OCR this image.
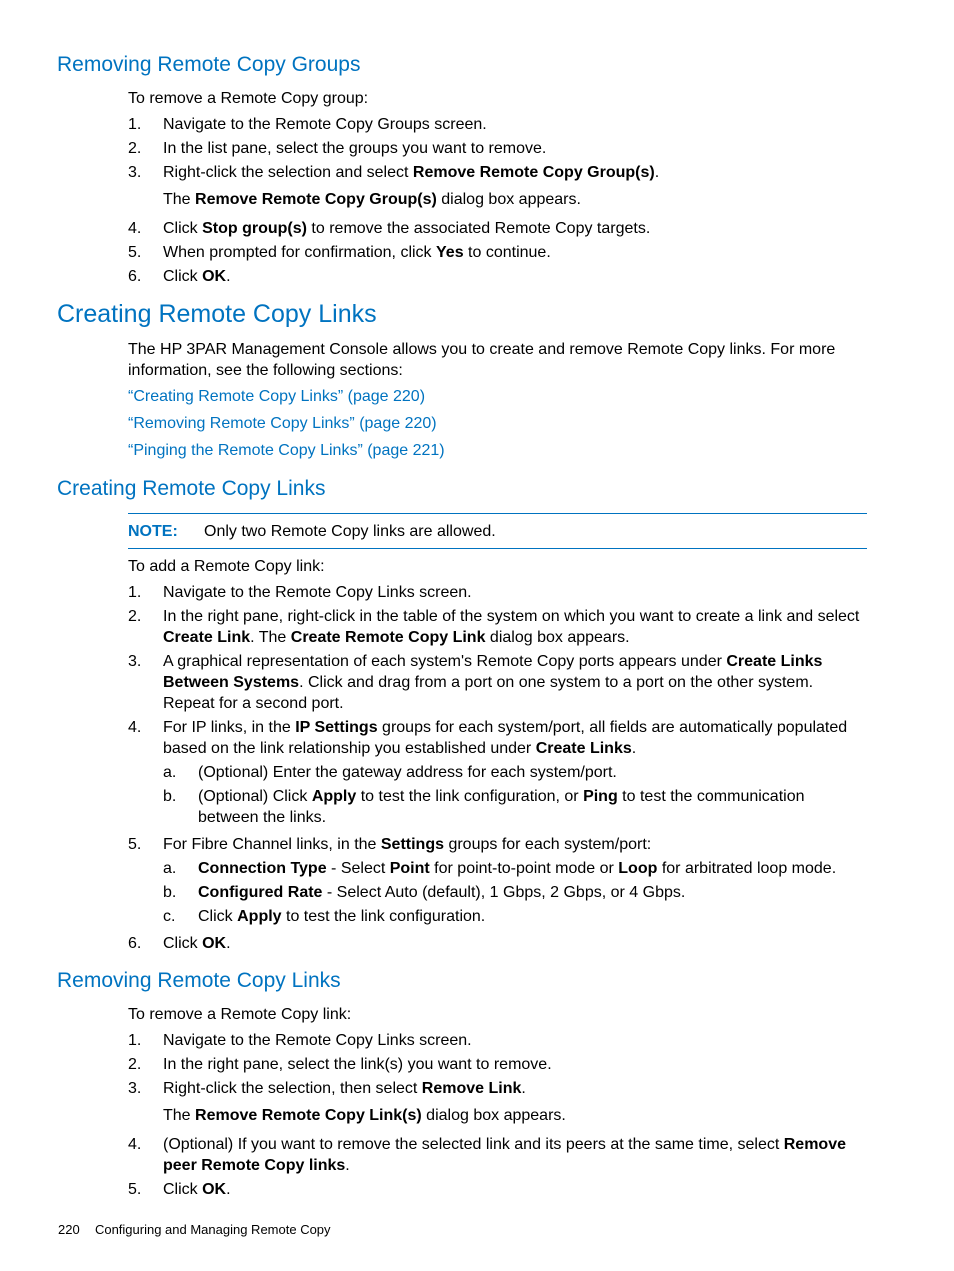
Removing Remote Copy Groups
To remove a Remote Copy group:
1. Navigate to the Remote Copy Groups screen.
2. In the list pane, select the groups you want to remove.
3. Right-click the selection and select Remove Remote Copy Group(s).
The Remove Remote Copy Group(s) dialog box appears.
4. Click Stop group(s) to remove the associated Remote Copy targets.
5. When prompted for confirmation, click Yes to continue.
6. Click OK.
Creating Remote Copy Links
The HP 3PAR Management Console allows you to create and remove Remote Copy links. For more information, see the following sections:
“Creating Remote Copy Links” (page 220)
“Removing Remote Copy Links” (page 220)
“Pinging the Remote Copy Links” (page 221)
Creating Remote Copy Links
NOTE: Only two Remote Copy links are allowed.
To add a Remote Copy link:
1. Navigate to the Remote Copy Links screen.
2. In the right pane, right-click in the table of the system on which you want to create a link and select Create Link. The Create Remote Copy Link dialog box appears.
3. A graphical representation of each system's Remote Copy ports appears under Create Links Between Systems. Click and drag from a port on one system to a port on the other system. Repeat for a second port.
4. For IP links, in the IP Settings groups for each system/port, all fields are automatically populated based on the link relationship you established under Create Links.
a. (Optional) Enter the gateway address for each system/port.
b. (Optional) Click Apply to test the link configuration, or Ping to test the communication between the links.
5. For Fibre Channel links, in the Settings groups for each system/port:
a. Connection Type - Select Point for point-to-point mode or Loop for arbitrated loop mode.
b. Configured Rate - Select Auto (default), 1 Gbps, 2 Gbps, or 4 Gbps.
c. Click Apply to test the link configuration.
6. Click OK.
Removing Remote Copy Links
To remove a Remote Copy link:
1. Navigate to the Remote Copy Links screen.
2. In the right pane, select the link(s) you want to remove.
3. Right-click the selection, then select Remove Link.
The Remove Remote Copy Link(s) dialog box appears.
4. (Optional) If you want to remove the selected link and its peers at the same time, select Remove peer Remote Copy links.
5. Click OK.
220 Configuring and Managing Remote Copy
